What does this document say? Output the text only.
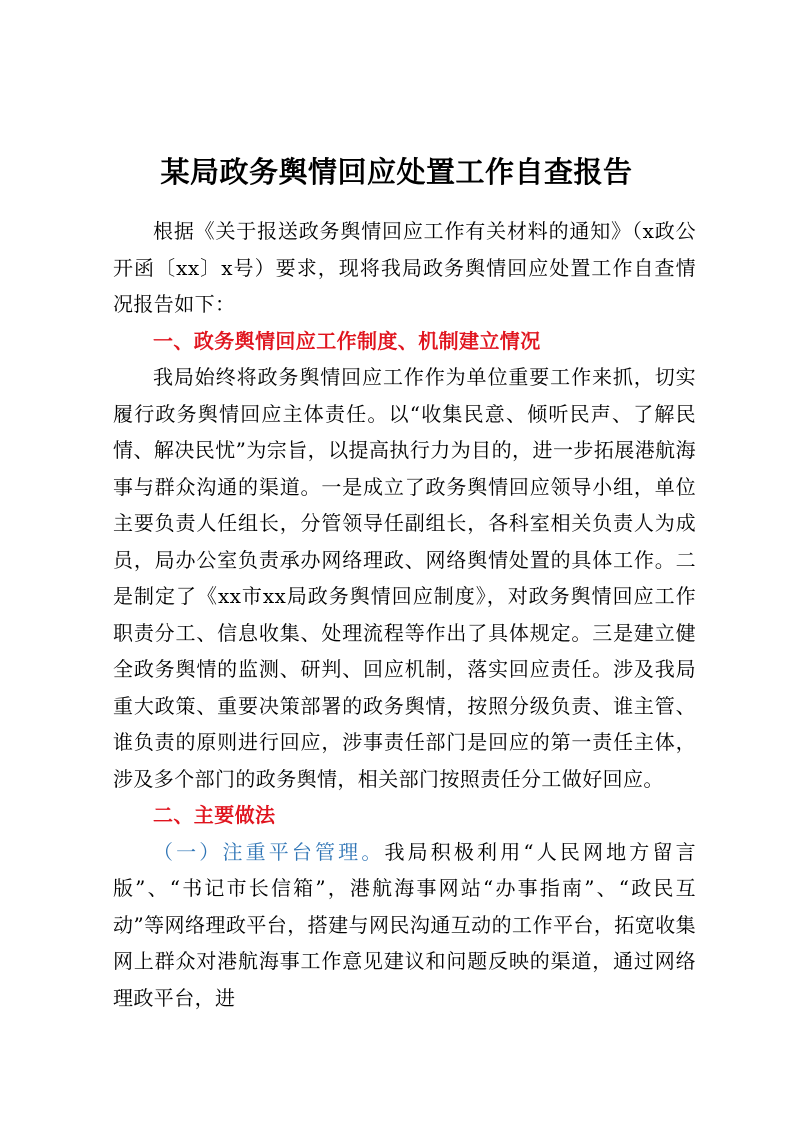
某局政务舆情回应处置工作自查报告

根据《关于报送政务舆情回应工作有关材料的通知》（x政公开函〔xx〕x号）要求，现将我局政务舆情回应处置工作自查情况报告如下：

一、政务舆情回应工作制度、机制建立情况

我局始终将政务舆情回应工作作为单位重要工作来抓，切实履行政务舆情回应主体责任。以“收集民意、倾听民声、了解民情、解决民忧”为宗旨，以提高执行力为目的，进一步拓展港航海事与群众沟通的渠道。一是成立了政务舆情回应领导小组，单位主要负责人任组长，分管领导任副组长，各科室相关负责人为成员，局办公室负责承办网络理政、网络舆情处置的具体工作。二是制定了《xx市xx局政务舆情回应制度》，对政务舆情回应工作职责分工、信息收集、处理流程等作出了具体规定。三是建立健全政务舆情的监测、研判、回应机制，落实回应责任。涉及我局重大政策、重要决策部署的政务舆情，按照分级负责、谁主管、谁负责的原则进行回应，涉事责任部门是回应的第一责任主体，涉及多个部门的政务舆情，相关部门按照责任分工做好回应。

二、主要做法

（一）注重平台管理。我局积极利用“人民网地方留言版”、“书记市长信箱”，港航海事网站“办事指南”、“政民互动”等网络理政平台，搭建与网民沟通互动的工作平台，拓宽收集网上群众对港航海事工作意见建议和问题反映的渠道，通过网络理政平台，进
